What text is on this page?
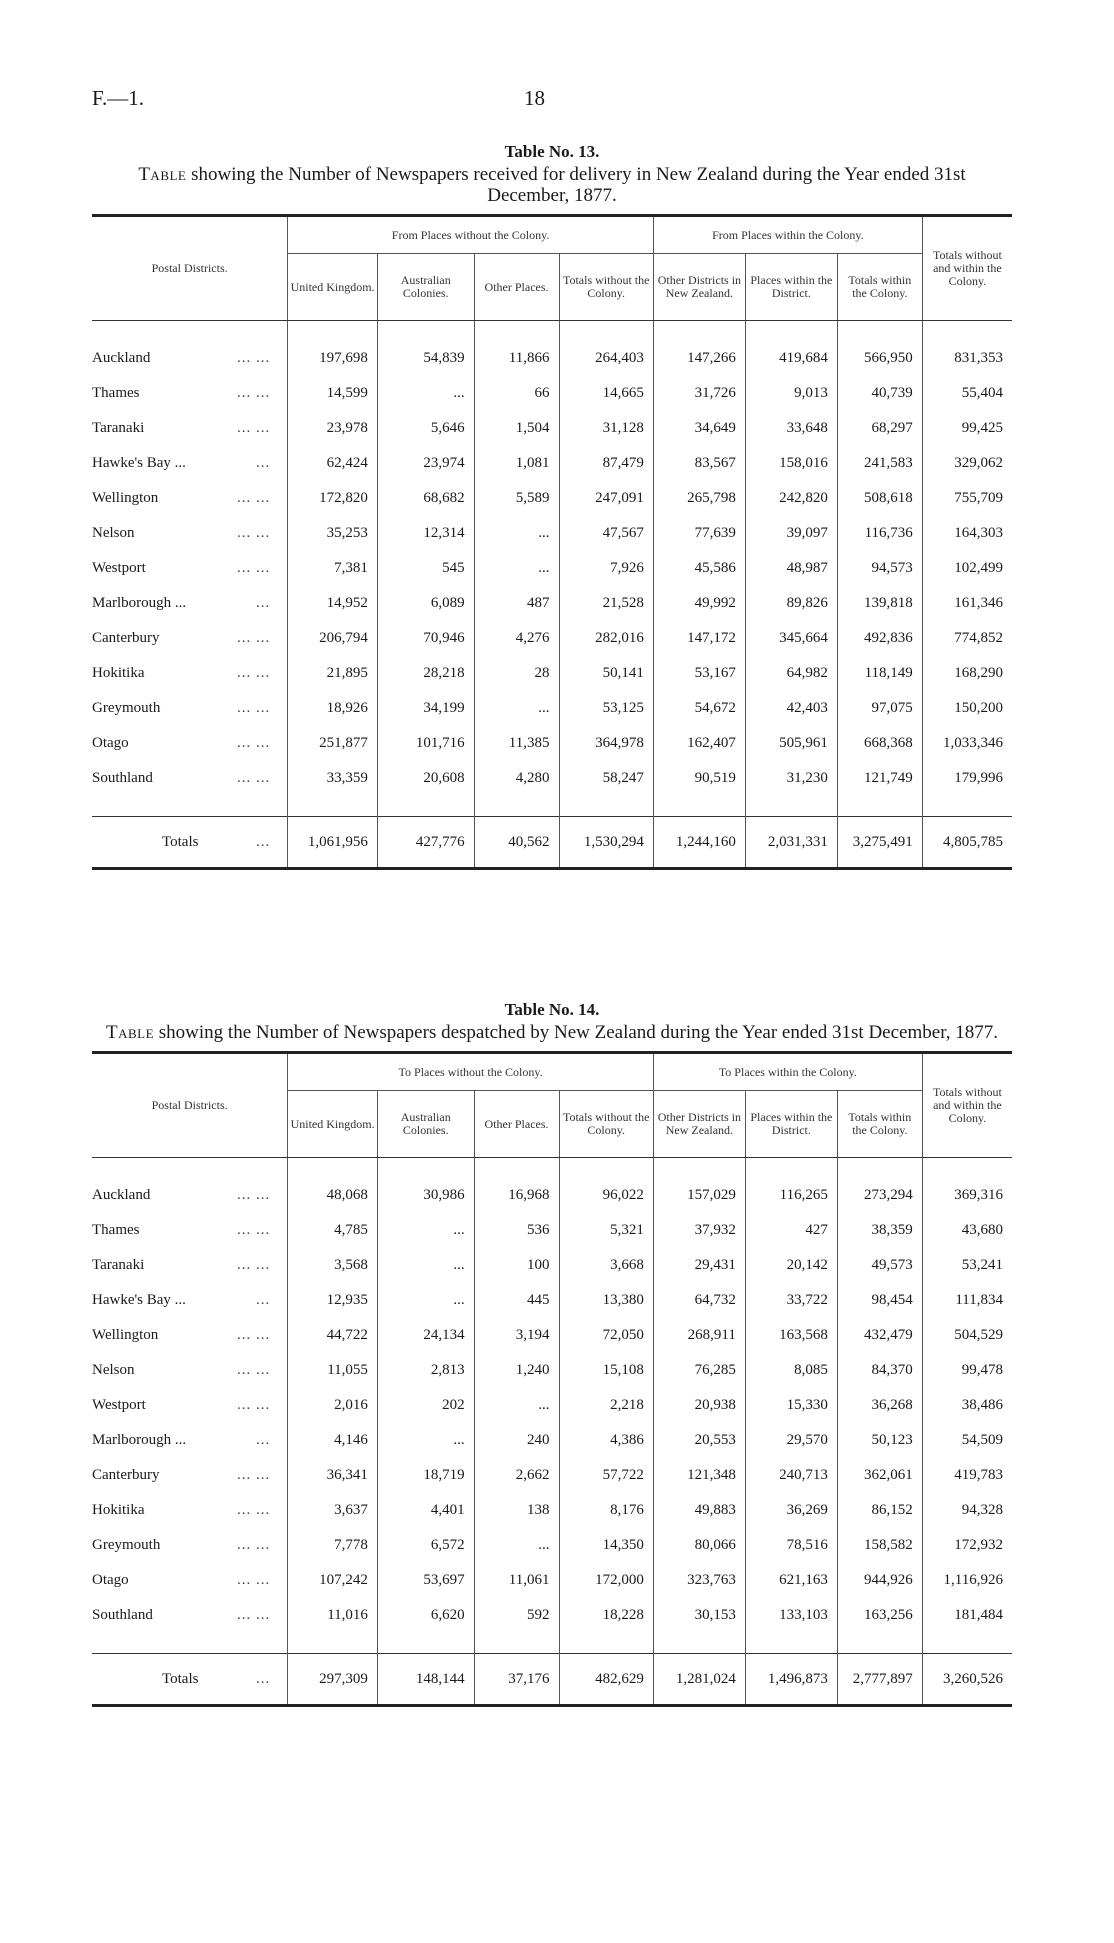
F.—1.	18
Table No. 13.
Table showing the Number of Newspapers received for delivery in New Zealand during the Year ended 31st December, 1877.
Postal Districts.	From Places without the Colony.				From Places within the Colony.			Totals without and within the Colony.
	United Kingdom.	Australian Colonies.	Other Places.	Totals without the Colony.	Other Districts in New Zealand.	Places within the District.	Totals within the Colony.	

... ...
Auckland	197,698	54,839	11,866	264,403	147,266	419,684	566,950	831,353

... ...
Thames	14,599	...	66	14,665	31,726	9,013	40,739	55,404

... ...
Taranaki	23,978	5,646	1,504	31,128	34,649	33,648	68,297	99,425

...
Hawke's Bay ...	62,424	23,974	1,081	87,479	83,567	158,016	241,583	329,062

... ...
Wellington	172,820	68,682	5,589	247,091	265,798	242,820	508,618	755,709

... ...
Nelson	35,253	12,314	...	47,567	77,639	39,097	116,736	164,303

... ...
Westport	7,381	545	...	7,926	45,586	48,987	94,573	102,499

...
Marlborough ...	14,952	6,089	487	21,528	49,992	89,826	139,818	161,346

... ...
Canterbury	206,794	70,946	4,276	282,016	147,172	345,664	492,836	774,852

... ...
Hokitika	21,895	28,218	28	50,141	53,167	64,982	118,149	168,290

... ...
Greymouth	18,926	34,199	...	53,125	54,672	42,403	97,075	150,200

... ...
Otago	251,877	101,716	11,385	364,978	162,407	505,961	668,368	1,033,346

... ...
Southland	33,359	20,608	4,280	58,247	90,519	31,230	121,749	179,996

...
Totals	1,061,956	427,776	40,562	1,530,294	1,244,160	2,031,331	3,275,491	4,805,785
Table No. 14.
Table showing the Number of Newspapers despatched by New Zealand during the Year ended 31st December, 1877.
Postal Districts.	To Places without the Colony.				To Places within the Colony.			Totals without and within the Colony.
	United Kingdom.	Australian Colonies.	Other Places.	Totals without the Colony.	Other Districts in New Zealand.	Places within the District.	Totals within the Colony.	

... ...
Auckland	48,068	30,986	16,968	96,022	157,029	116,265	273,294	369,316

... ...
Thames	4,785	...	536	5,321	37,932	427	38,359	43,680

... ...
Taranaki	3,568	...	100	3,668	29,431	20,142	49,573	53,241

...
Hawke's Bay ...	12,935	...	445	13,380	64,732	33,722	98,454	111,834

... ...
Wellington	44,722	24,134	3,194	72,050	268,911	163,568	432,479	504,529

... ...
Nelson	11,055	2,813	1,240	15,108	76,285	8,085	84,370	99,478

... ...
Westport	2,016	202	...	2,218	20,938	15,330	36,268	38,486

...
Marlborough ...	4,146	...	240	4,386	20,553	29,570	50,123	54,509

... ...
Canterbury	36,341	18,719	2,662	57,722	121,348	240,713	362,061	419,783

... ...
Hokitika	3,637	4,401	138	8,176	49,883	36,269	86,152	94,328

... ...
Greymouth	7,778	6,572	...	14,350	80,066	78,516	158,582	172,932

... ...
Otago	107,242	53,697	11,061	172,000	323,763	621,163	944,926	1,116,926

... ...
Southland	11,016	6,620	592	18,228	30,153	133,103	163,256	181,484

...
Totals	297,309	148,144	37,176	482,629	1,281,024	1,496,873	2,777,897	3,260,526
